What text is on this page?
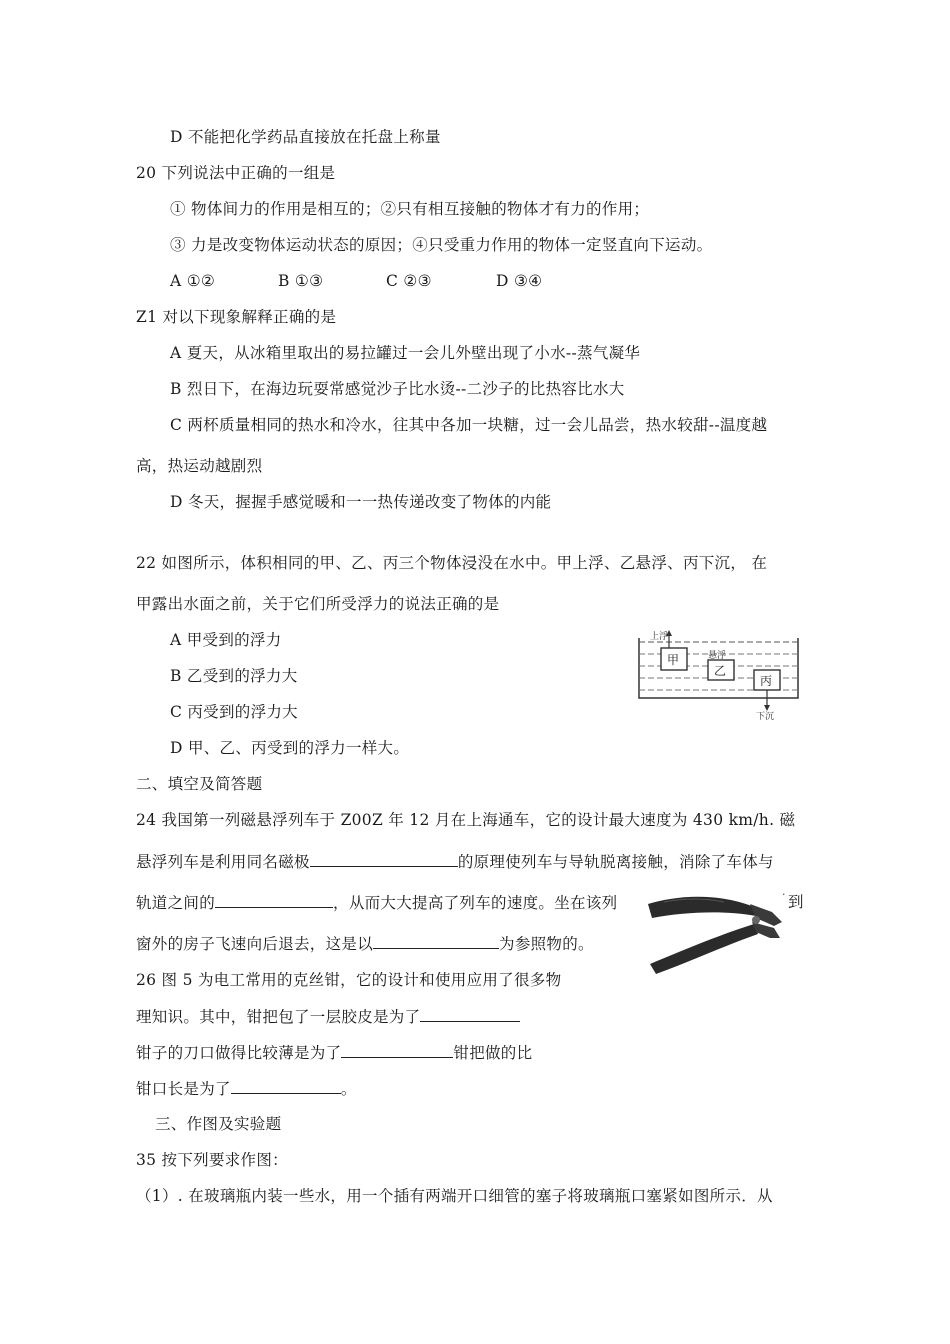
D 不能把化学药品直接放在托盘上称量
20 下列说法中正确的一组是
① 物体间力的作用是相互的；②只有相互接触的物体才有力的作用；
③ 力是改变物体运动状态的原因；④只受重力作用的物体一定竖直向下运动。
A ①②	B ①③	C ②③	D ③④
Z1 对以下现象解释正确的是
A 夏天，从冰箱里取出的易拉罐过一会儿外壁出现了小水--蒸气凝华
B 烈日下，在海边玩耍常感觉沙子比水烫--二沙子的比热容比水大
C 两杯质量相同的热水和冷水，往其中各加一块糖，过一会儿品尝，热水较甜--温度越
高，热运动越剧烈
D 冬天，握握手感觉暖和一一热传递改变了物体的内能
22 如图所示，体积相同的甲、乙、丙三个物体浸没在水中。甲上浮、乙悬浮、丙下沉， 在
甲露出水面之前，关于它们所受浮力的说法正确的是
A 甲受到的浮力
B 乙受到的浮力大
C 丙受到的浮力大
D 甲、乙、丙受到的浮力一样大。
上浮
悬浮
下沉
甲
乙
丙
二、填空及简答题
24 我国第一列磁悬浮列车于 Z00Z 年 12 月在上海通车，它的设计最大速度为 430 km/h. 磁
悬浮列车是利用同名磁极	的原理使列车与导轨脱离接触，消除了车体与
轨道之间的	，从而大大提高了列车的速度。坐在该列	到
窗外的房子飞速向后退去，这是以	为参照物的。
·
26 图 5 为电工常用的克丝钳，它的设计和使用应用了很多物
理知识。其中，钳把包了一层胶皮是为了
钳子的刀口做得比较薄是为了	钳把做的比
钳口长是为了	。
三、作图及实验题
35 按下列要求作图：
（1）. 在玻璃瓶内装一些水，用一个插有两端开口细管的塞子将玻璃瓶口塞紧如图所示．从
